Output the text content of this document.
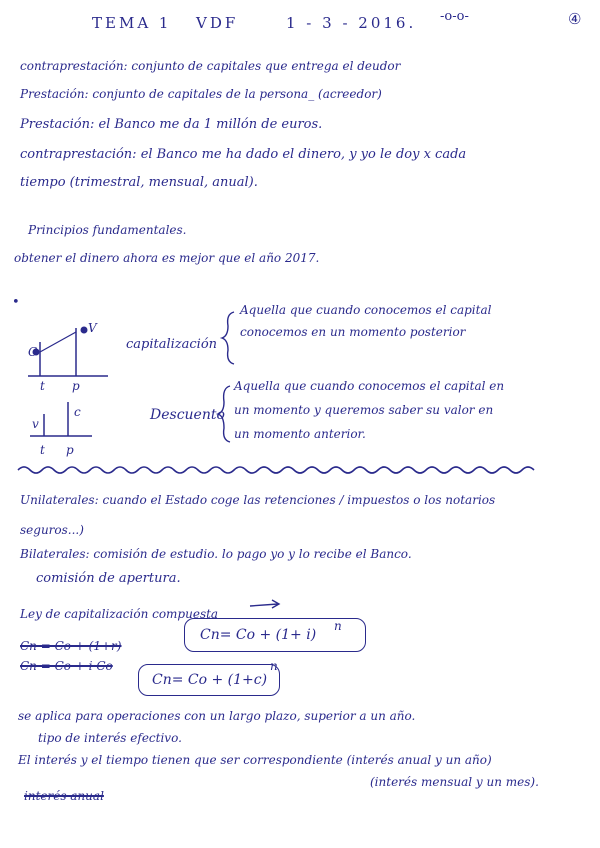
TEMA 1 VDF	1 - 3 - 2016. -o-o-	④
contraprestación: conjunto de capitales que entrega el deudor
Prestación: conjunto de capitales de la persona_ (acreedor)
Prestación: el Banco me da 1 millón de euros.
contraprestación: el Banco me ha dado el dinero, y yo le doy x cada
tiempo (trimestral, mensual, anual).
Principios fundamentales.
obtener el dinero ahora es mejor que el año 2017.
•
V
C
t p
capitalización
Aquella que cuando conocemos el capital
conocemos en un momento posterior
v
c
t p
Descuento
Aquella que cuando conocemos el capital en
un momento y queremos saber su valor en
un momento anterior.
Unilaterales: cuando el Estado coge las retenciones / impuestos o los notarios
seguros...)
Bilaterales: comisión de estudio. lo pago yo y lo recibe el Banco.
comisión de apertura.
Ley de capitalización compuesta
Cn = Co + (1+r)
Cn = Co + i·Co
Cn= Co + (1+ i)
n
Cn= Co + (1+c)
n
se aplica para operaciones con un largo plazo, superior a un año.
tipo de interés efectivo.
El interés y el tiempo tienen que ser correspondiente (interés anual y un año)
(interés mensual y un mes).
interés anual
